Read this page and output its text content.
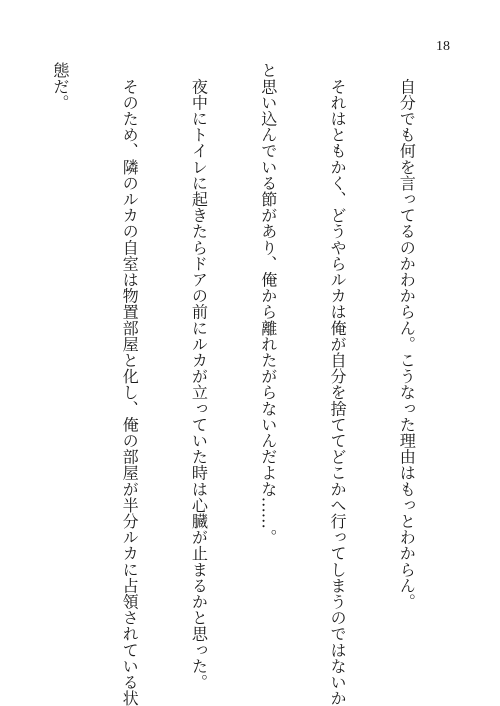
18

　自分でも何を言ってるのかわからん。こうなった理由はもっとわからん。

　それはともかく、どうやらルカは俺が自分を捨ててどこかへ行ってしまうのではないか

と思い込んでいる節があり、俺から離れたがらないんだよな……。

　夜中にトイレに起きたらドアの前にルカが立っていた時は心臓が止まるかと思った。

　そのため、隣のルカの自室は物置部屋と化し、俺の部屋が半分ルカに占領されている状

態だ。
